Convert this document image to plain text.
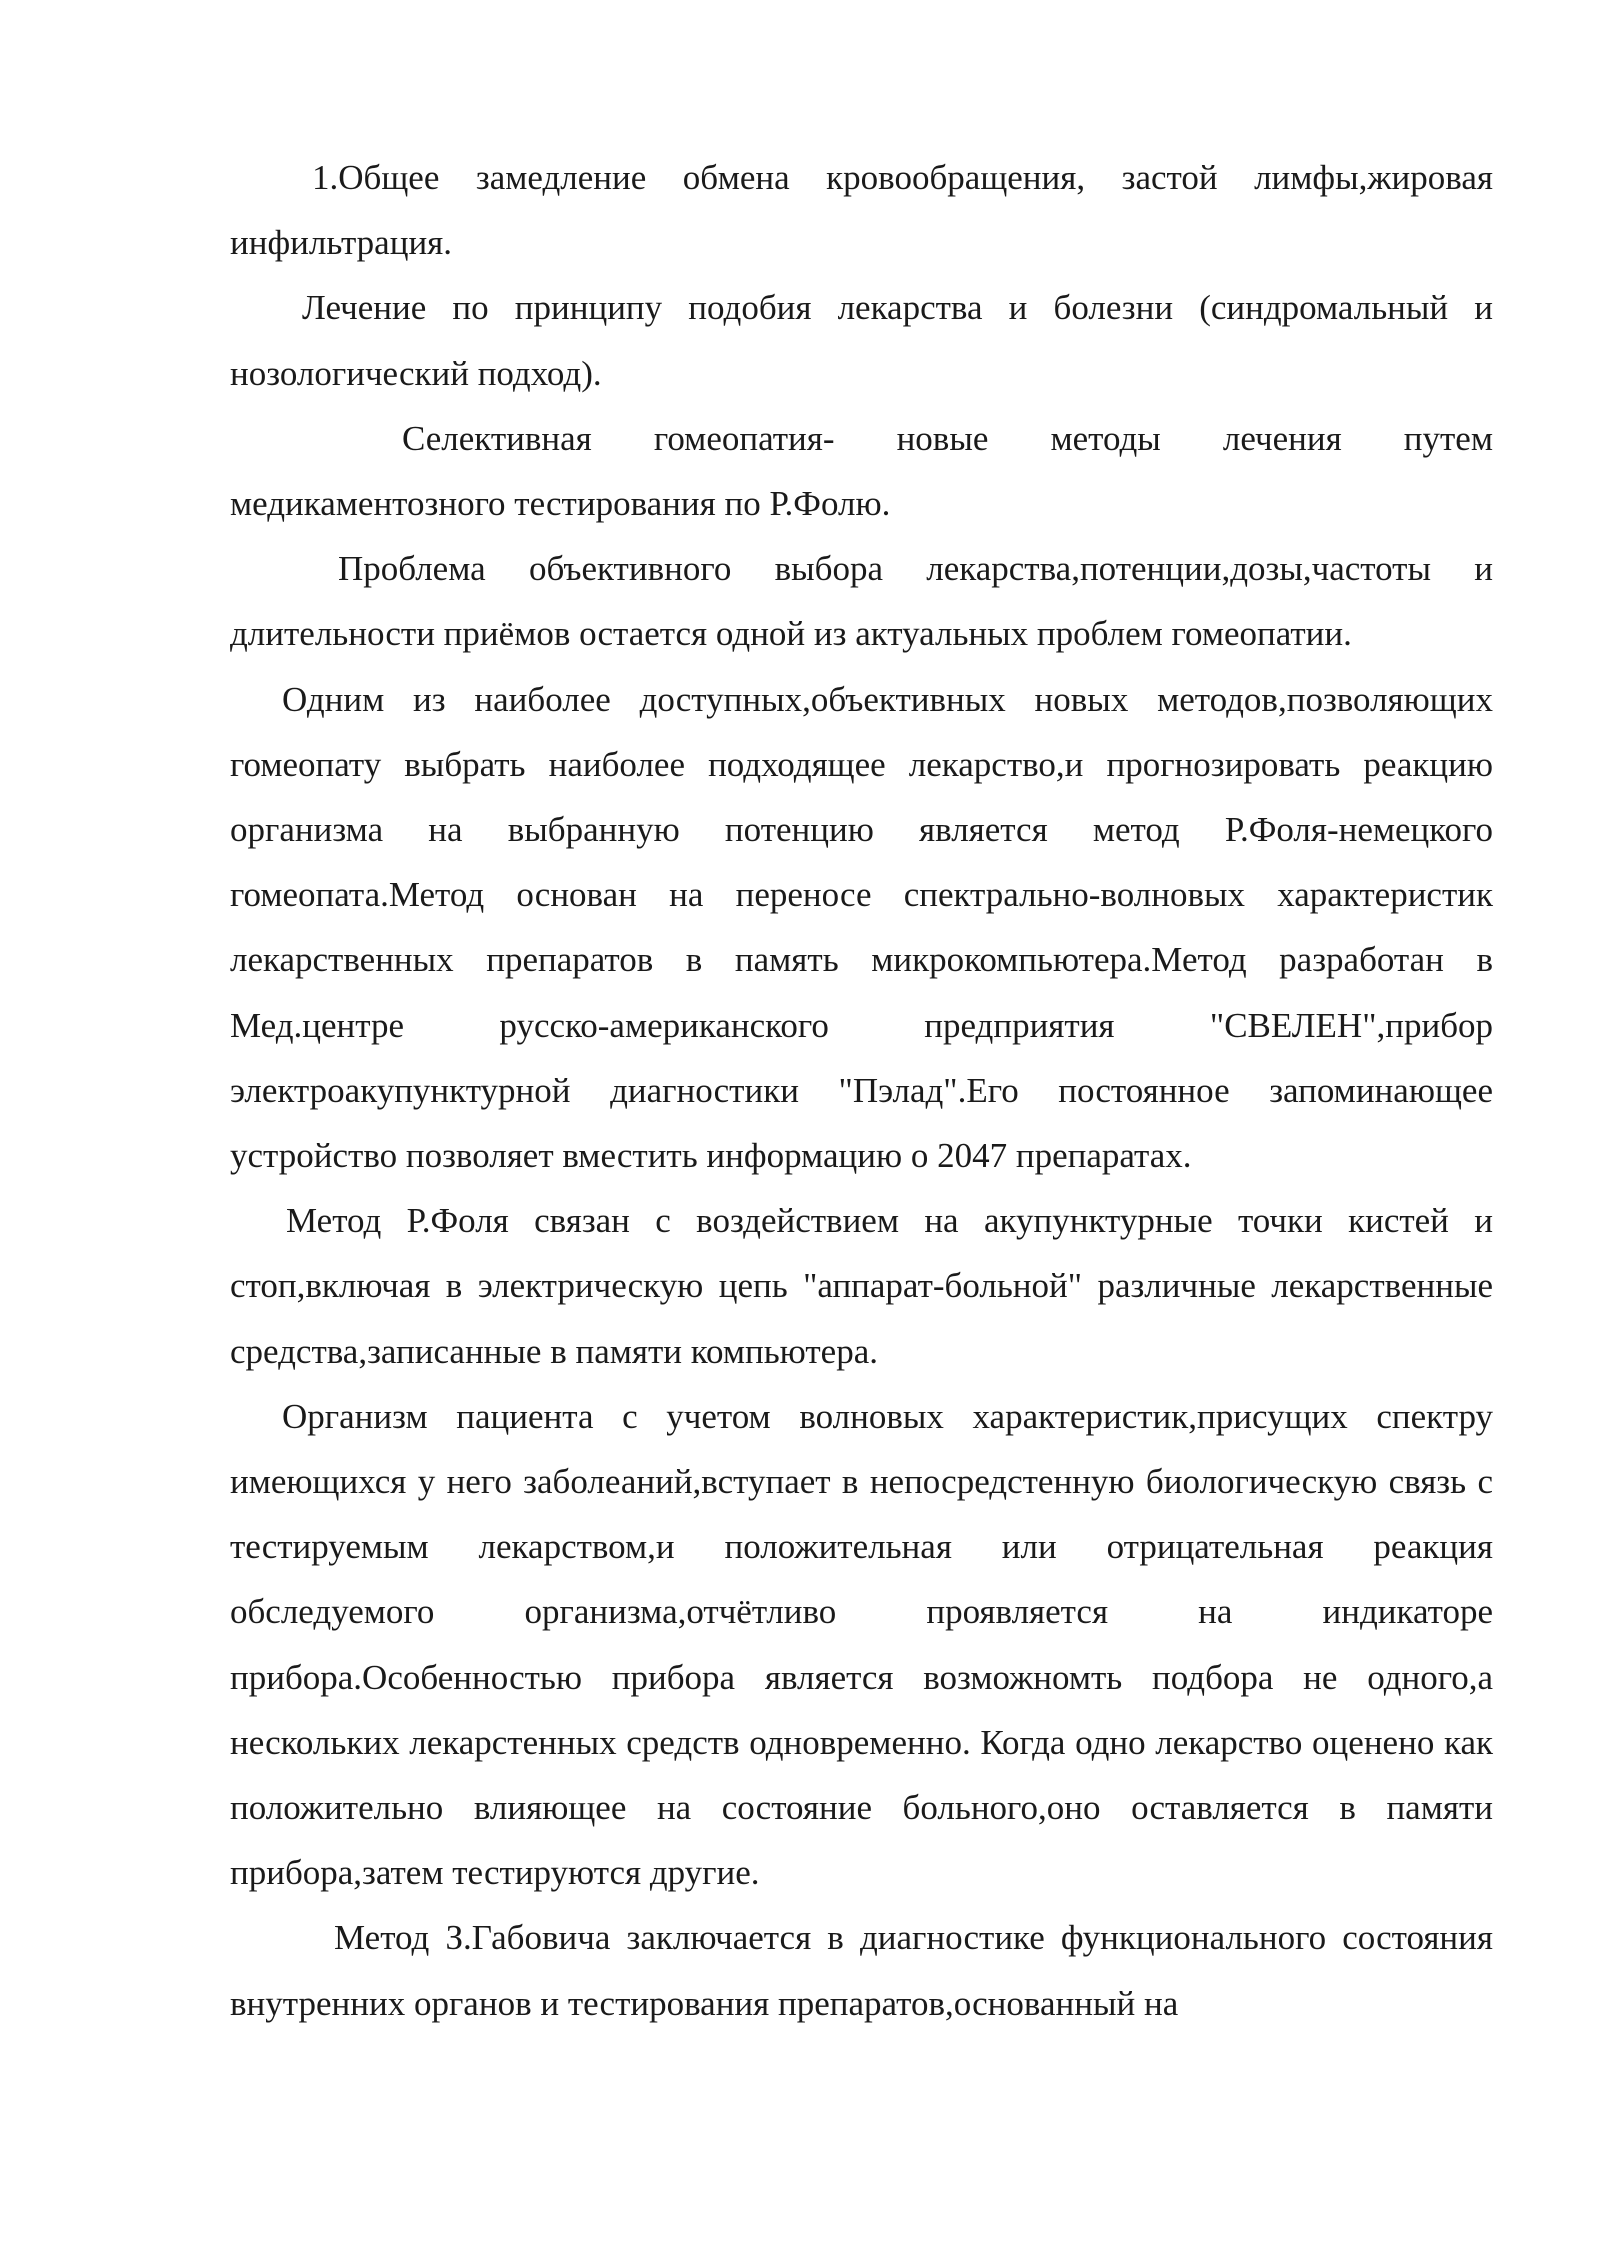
1.Общее замедление обмена кровообращения, застой лимфы,жировая инфильтрация.

Лечение по принципу подобия лекарства и болезни (синдромальный и нозологический подход).

Селективная гомеопатия- новые методы лечения путем медикаментозного тестирования по Р.Фолю.

Проблема объективного выбора лекарства,потенции,дозы,частоты и длительности приёмов остается одной из актуальных проблем гомеопатии.

Одним из наиболее доступных,объективных новых методов,позволяющих гомеопату выбрать наиболее подходящее лекарство,и прогнозировать реакцию организма на выбранную потенцию является метод Р.Фоля-немецкого гомеопата.Метод основан на переносе спектрально-волновых характеристик лекарственных препаратов в память микрокомпьютера.Метод разработан в Мед.центре русско-американского предприятия "СВЕЛЕН",прибор электроакупунктурной диагностики "Пэлад".Его постоянное запоминающее устройство позволяет вместить информацию о 2047 препаратах.

Метод Р.Фоля связан с воздействием на акупунктурные точки кистей и стоп,включая в электрическую цепь "аппарат-больной" различные лекарственные средства,записанные в памяти компьютера.

Организм пациента с учетом волновых характеристик,присущих спектру имеющихся у него заболеаний,вступает в непосредстенную биологическую связь с тестируемым лекарством,и положительная или отрицательная реакция обследуемого организма,отчётливо проявляется на индикаторе прибора.Особенностью прибора является возможномть подбора не одного,а нескольких лекарстенных средств одновременно. Когда одно лекарство оценено как положительно влияющее на состояние больного,оно оставляется в памяти прибора,затем тестируются другие.

Метод З.Габовича заключается в диагностике функционального состояния внутренних органов и тестирования препаратов,основанный на
